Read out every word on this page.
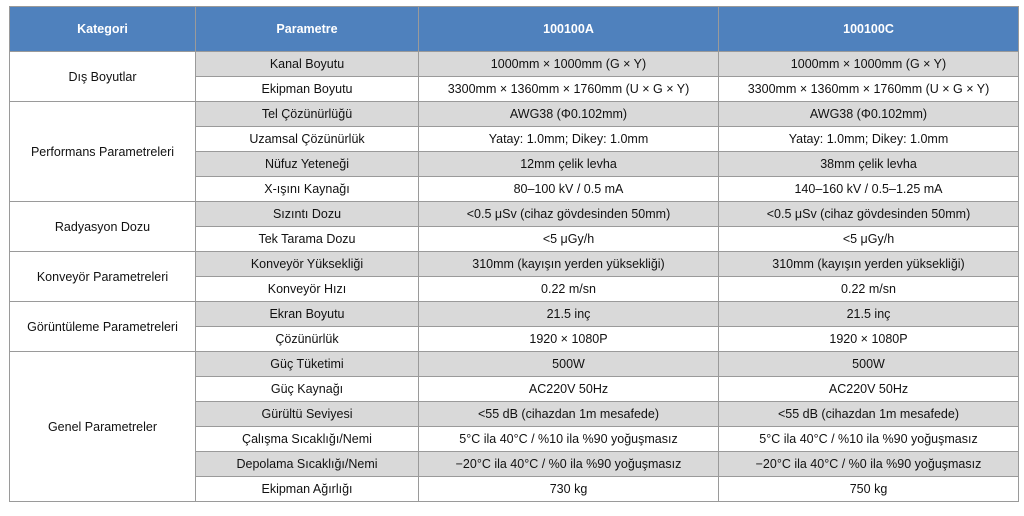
Kategori	Parametre	100100A	100100C
Dış Boyutlar	Kanal Boyutu	1000mm × 1000mm (G × Y)	1000mm × 1000mm (G × Y)
	Ekipman Boyutu	3300mm × 1360mm × 1760mm (U × G × Y)	3300mm × 1360mm × 1760mm (U × G × Y)
Performans Parametreleri	Tel Çözünürlüğü	AWG38 (Φ0.102mm)	AWG38 (Φ0.102mm)
	Uzamsal Çözünürlük	Yatay: 1.0mm; Dikey: 1.0mm	Yatay: 1.0mm; Dikey: 1.0mm
	Nüfuz Yeteneği	12mm çelik levha	38mm çelik levha
	X-ışını Kaynağı	80–100 kV / 0.5 mA	140–160 kV / 0.5–1.25 mA
Radyasyon Dozu	Sızıntı Dozu	<0.5 μSv (cihaz gövdesinden 50mm)	<0.5 μSv (cihaz gövdesinden 50mm)
	Tek Tarama Dozu	<5 μGy/h	<5 μGy/h
Konveyör Parametreleri	Konveyör Yüksekliği	310mm (kayışın yerden yüksekliği)	310mm (kayışın yerden yüksekliği)
	Konveyör Hızı	0.22 m/sn	0.22 m/sn
Görüntüleme Parametreleri	Ekran Boyutu	21.5 inç	21.5 inç
	Çözünürlük	1920 × 1080P	1920 × 1080P
Genel Parametreler	Güç Tüketimi	500W	500W
	Güç Kaynağı	AC220V 50Hz	AC220V 50Hz
	Gürültü Seviyesi	<55 dB (cihazdan 1m mesafede)	<55 dB (cihazdan 1m mesafede)
	Çalışma Sıcaklığı/Nemi	5°C ila 40°C / %10 ila %90 yoğuşmasız	5°C ila 40°C / %10 ila %90 yoğuşmasız
	Depolama Sıcaklığı/Nemi	−20°C ila 40°C / %0 ila %90 yoğuşmasız	−20°C ila 40°C / %0 ila %90 yoğuşmasız
	Ekipman Ağırlığı	730 kg	750 kg
